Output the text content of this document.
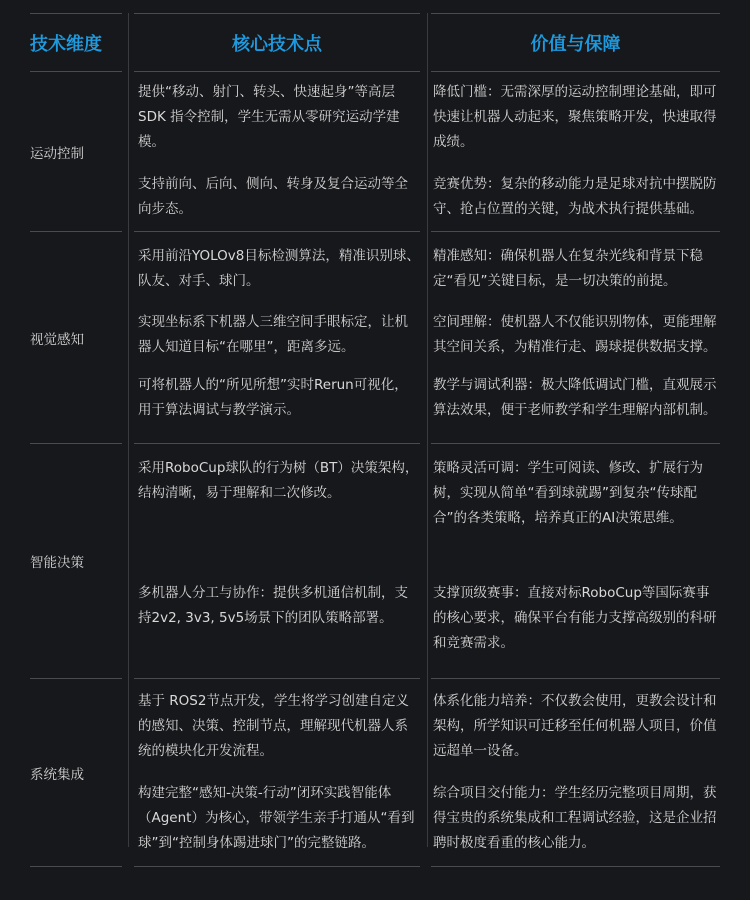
技术维度	核心技术点	价值与保障
运动控制
提供“移动、射门、转头、快速起身”等高层SDK 指令控制，学生无需从零研究运动学建模。
降低门槛：无需深厚的运动控制理论基础，即可快速让机器人动起来，聚焦策略开发，快速取得成绩。
支持前向、后向、侧向、转身及复合运动等全向步态。
竞赛优势：复杂的移动能力是足球对抗中摆脱防守、抢占位置的关键，为战术执行提供基础。
视觉感知
采用前沿YOLOv8目标检测算法，精准识别球、队友、对手、球门。
精准感知：确保机器人在复杂光线和背景下稳定“看见”关键目标，是一切决策的前提。
实现坐标系下机器人三维空间手眼标定，让机器人知道目标“在哪里”，距离多远。
空间理解：使机器人不仅能识别物体，更能理解其空间关系，为精准行走、踢球提供数据支撑。
可将机器人的“所见所想”实时Rerun可视化，用于算法调试与教学演示。
教学与调试利器：极大降低调试门槛，直观展示算法效果，便于老师教学和学生理解内部机制。
智能决策
采用RoboCup球队的行为树（BT）决策架构，结构清晰，易于理解和二次修改。
策略灵活可调：学生可阅读、修改、扩展行为树，实现从简单“看到球就踢”到复杂“传球配合”的各类策略，培养真正的AI决策思维。
多机器人分工与协作：提供多机通信机制，支持2v2, 3v3, 5v5场景下的团队策略部署。
支撑顶级赛事：直接对标RoboCup等国际赛事的核心要求，确保平台有能力支撑高级别的科研和竞赛需求。
系统集成
基于 ROS2节点开发，学生将学习创建自定义的感知、决策、控制节点，理解现代机器人系统的模块化开发流程。
体系化能力培养：不仅教会使用，更教会设计和架构，所学知识可迁移至任何机器人项目，价值远超单一设备。
构建完整“感知-决策-行动”闭环实践智能体（Agent）为核心，带领学生亲手打通从“看到球”到“控制身体踢进球门”的完整链路。
综合项目交付能力：学生经历完整项目周期，获得宝贵的系统集成和工程调试经验，这是企业招聘时极度看重的核心能力。
